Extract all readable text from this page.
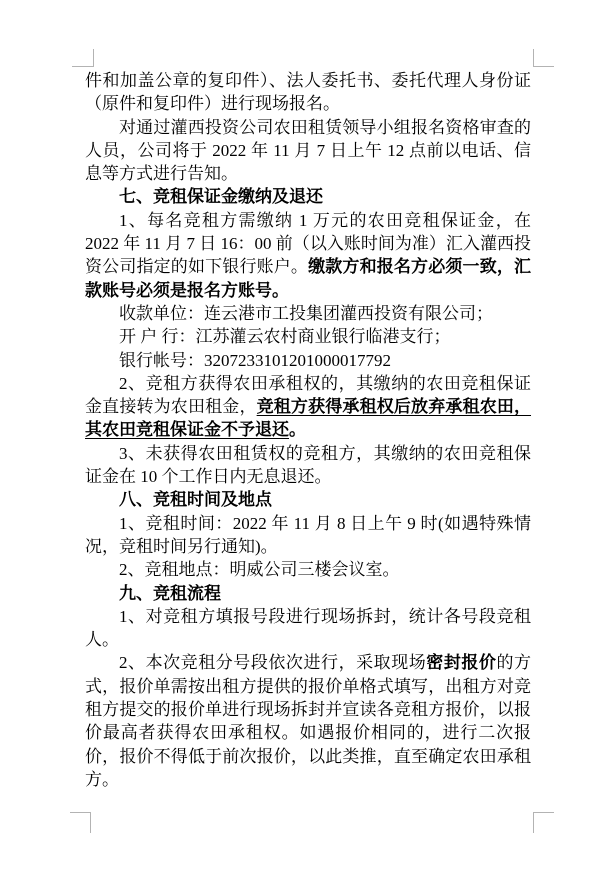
件和加盖公章的复印件）、法人委托书、委托代理人身份证（原件和复印件）进行现场报名。

对通过灌西投资公司农田租赁领导小组报名资格审查的人员，公司将于 2022 年 11 月 7 日上午 12 点前以电话、信息等方式进行告知。

七、竞租保证金缴纳及退还

1、每名竞租方需缴纳 1 万元的农田竞租保证金，在 2022 年 11 月 7 日 16：00 前（以入账时间为准）汇入灌西投资公司指定的如下银行账户。缴款方和报名方必须一致，汇款账号必须是报名方账号。

收款单位：连云港市工投集团灌西投资有限公司；

开 户 行：江苏灌云农村商业银行临港支行；

银行帐号：3207233101201000017792

2、竞租方获得农田承租权的，其缴纳的农田竞租保证金直接转为农田租金，竞租方获得承租权后放弃承租农田，其农田竞租保证金不予退还。

3、未获得农田租赁权的竞租方，其缴纳的农田竞租保证金在 10 个工作日内无息退还。

八、竞租时间及地点

1、竞租时间：2022 年 11 月 8 日上午 9 时(如遇特殊情况，竞租时间另行通知)。

2、竞租地点：明威公司三楼会议室。

九、竞租流程

1、对竞租方填报号段进行现场拆封，统计各号段竞租人。

2、本次竞租分号段依次进行，采取现场密封报价的方式，报价单需按出租方提供的报价单格式填写，出租方对竞租方提交的报价单进行现场拆封并宣读各竞租方报价，以报价最高者获得农田承租权。如遇报价相同的，进行二次报价，报价不得低于前次报价，以此类推，直至确定农田承租方。
